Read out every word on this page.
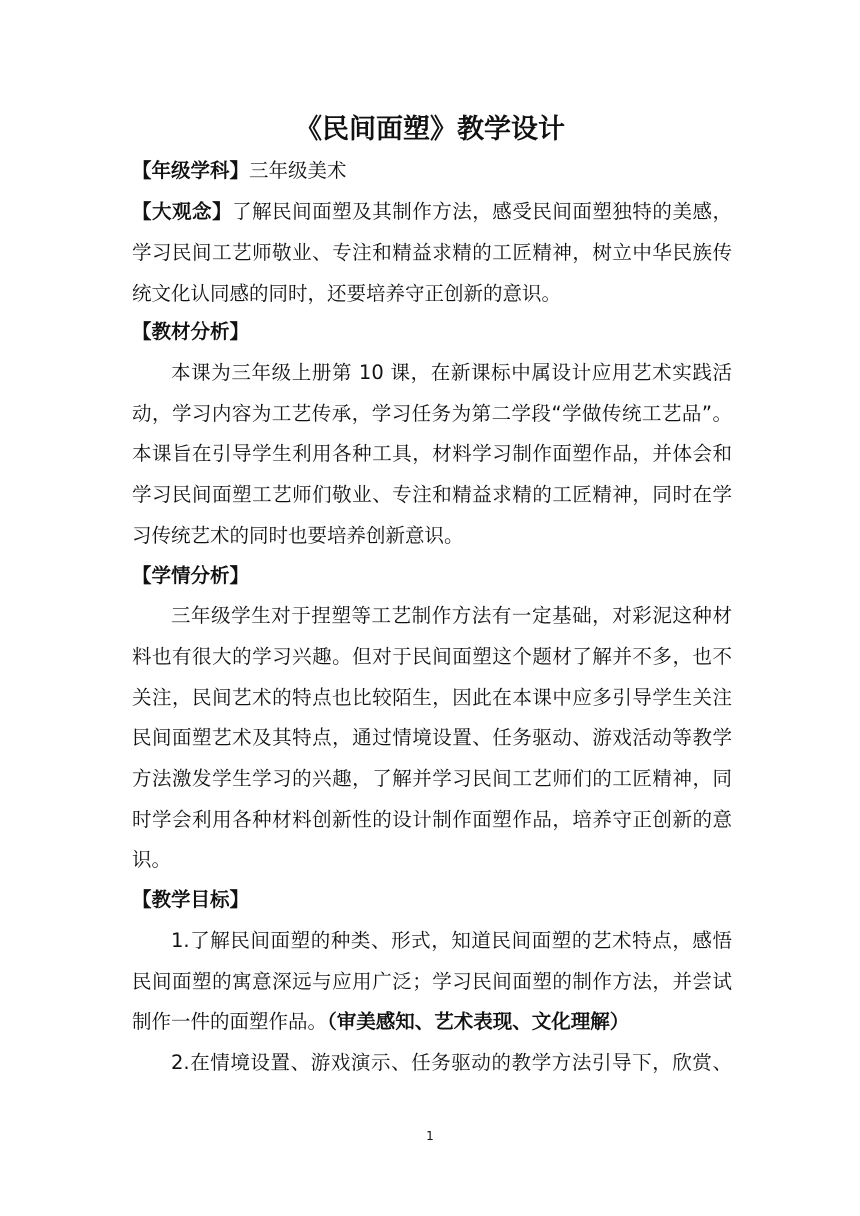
《民间面塑》教学设计
【年级学科】三年级美术
【大观念】了解民间面塑及其制作方法，感受民间面塑独特的美感，
学习民间工艺师敬业、专注和精益求精的工匠精神，树立中华民族传
统文化认同感的同时，还要培养守正创新的意识。
【教材分析】
本课为三年级上册第 10 课，在新课标中属设计应用艺术实践活
动，学习内容为工艺传承，学习任务为第二学段“学做传统工艺品”。
本课旨在引导学生利用各种工具，材料学习制作面塑作品，并体会和
学习民间面塑工艺师们敬业、专注和精益求精的工匠精神，同时在学
习传统艺术的同时也要培养创新意识。
【学情分析】
三年级学生对于捏塑等工艺制作方法有一定基础，对彩泥这种材
料也有很大的学习兴趣。但对于民间面塑这个题材了解并不多，也不
关注，民间艺术的特点也比较陌生，因此在本课中应多引导学生关注
民间面塑艺术及其特点，通过情境设置、任务驱动、游戏活动等教学
方法激发学生学习的兴趣，了解并学习民间工艺师们的工匠精神，同
时学会利用各种材料创新性的设计制作面塑作品，培养守正创新的意
识。
【教学目标】
1.了解民间面塑的种类、形式，知道民间面塑的艺术特点，感悟
民间面塑的寓意深远与应用广泛；学习民间面塑的制作方法，并尝试
制作一件的面塑作品。（审美感知、艺术表现、文化理解）
2.在情境设置、游戏演示、任务驱动的教学方法引导下，欣赏、
1
